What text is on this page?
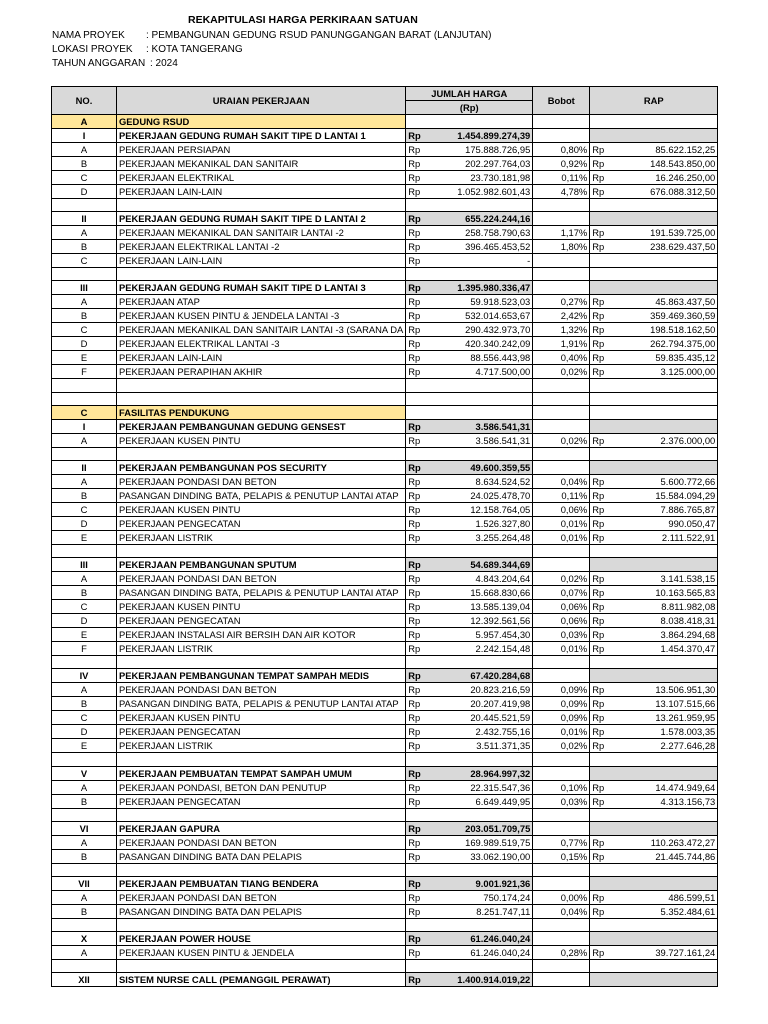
REKAPITULASI HARGA PERKIRAAN SATUAN
NAMA PROYEK : PEMBANGUNAN GEDUNG RSUD PANUNGGANGAN BARAT (LANJUTAN)
LOKASI PROYEK : KOTA TANGERANG
TAHUN ANGGARAN : 2024
NO.	URAIAN PEKERJAAN	JUMLAH HARGA		Bobot	RAP	
		(Rp)				
A	GEDUNG RSUD					
I	PEKERJAAN GEDUNG RUMAH SAKIT TIPE D LANTAI 1	Rp	1.454.899.274,39			
A	PEKERJAAN PERSIAPAN	Rp	175.888.726,95	0,80%	Rp	85.622.152,25
B	PEKERJAAN MEKANIKAL DAN SANITAIR	Rp	202.297.764,03	0,92%	Rp	148.543.850,00
C	PEKERJAAN ELEKTRIKAL	Rp	23.730.181,98	0,11%	Rp	16.246.250,00
D	PEKERJAAN LAIN-LAIN	Rp	1.052.982.601,43	4,78%	Rp	676.088.312,50

II	PEKERJAAN GEDUNG RUMAH SAKIT TIPE D LANTAI 2	Rp	655.224.244,16			
A	PEKERJAAN MEKANIKAL DAN SANITAIR LANTAI -2	Rp	258.758.790,63	1,17%	Rp	191.539.725,00
B	PEKERJAAN ELEKTRIKAL LANTAI -2	Rp	396.465.453,52	1,80%	Rp	238.629.437,50
C	PEKERJAAN LAIN-LAIN	Rp	-			

III	PEKERJAAN GEDUNG RUMAH SAKIT TIPE D LANTAI 3	Rp	1.395.980.336,47			
A	PEKERJAAN ATAP	Rp	59.918.523,03	0,27%	Rp	45.863.437,50
B	PEKERJAAN KUSEN PINTU & JENDELA LANTAI -3	Rp	532.014.653,67	2,42%	Rp	359.469.360,59
C	PEKERJAAN MEKANIKAL DAN SANITAIR LANTAI -3 (SARANA DA	Rp	290.432.973,70	1,32%	Rp	198.518.162,50
D	PEKERJAAN ELEKTRIKAL LANTAI -3	Rp	420.340.242,09	1,91%	Rp	262.794.375,00
E	PEKERJAAN LAIN-LAIN	Rp	88.556.443,98	0,40%	Rp	59.835.435,12
F	PEKERJAAN PERAPIHAN AKHIR	Rp	4.717.500,00	0,02%	Rp	3.125.000,00

C	FASILITAS PENDUKUNG					
I	PEKERJAAN PEMBANGUNAN GEDUNG GENSEST	Rp	3.586.541,31			
A	PEKERJAAN KUSEN PINTU	Rp	3.586.541,31	0,02%	Rp	2.376.000,00

II	PEKERJAAN PEMBANGUNAN POS SECURITY	Rp	49.600.359,55			
A	PEKERJAAN PONDASI DAN BETON	Rp	8.634.524,52	0,04%	Rp	5.600.772,66
B	PASANGAN DINDING BATA, PELAPIS & PENUTUP LANTAI ATAP	Rp	24.025.478,70	0,11%	Rp	15.584.094,29
C	PEKERJAAN KUSEN PINTU	Rp	12.158.764,05	0,06%	Rp	7.886.765,87
D	PEKERJAAN PENGECATAN	Rp	1.526.327,80	0,01%	Rp	990.050,47
E	PEKERJAAN LISTRIK	Rp	3.255.264,48	0,01%	Rp	2.111.522,91

III	PEKERJAAN PEMBANGUNAN SPUTUM	Rp	54.689.344,69			
A	PEKERJAAN PONDASI DAN BETON	Rp	4.843.204,64	0,02%	Rp	3.141.538,15
B	PASANGAN DINDING BATA, PELAPIS & PENUTUP LANTAI ATAP	Rp	15.668.830,66	0,07%	Rp	10.163.565,83
C	PEKERJAAN KUSEN PINTU	Rp	13.585.139,04	0,06%	Rp	8.811.982,08
D	PEKERJAAN PENGECATAN	Rp	12.392.561,56	0,06%	Rp	8.038.418,31
E	PEKERJAAN INSTALASI AIR BERSIH DAN AIR KOTOR	Rp	5.957.454,30	0,03%	Rp	3.864.294,68
F	PEKERJAAN LISTRIK	Rp	2.242.154,48	0,01%	Rp	1.454.370,47

IV	PEKERJAAN PEMBANGUNAN TEMPAT SAMPAH MEDIS	Rp	67.420.284,68			
A	PEKERJAAN PONDASI DAN BETON	Rp	20.823.216,59	0,09%	Rp	13.506.951,30
B	PASANGAN DINDING BATA, PELAPIS & PENUTUP LANTAI ATAP	Rp	20.207.419,98	0,09%	Rp	13.107.515,66
C	PEKERJAAN KUSEN PINTU	Rp	20.445.521,59	0,09%	Rp	13.261.959,95
D	PEKERJAAN PENGECATAN	Rp	2.432.755,16	0,01%	Rp	1.578.003,35
E	PEKERJAAN LISTRIK	Rp	3.511.371,35	0,02%	Rp	2.277.646,28

V	PEKERJAAN PEMBUATAN TEMPAT SAMPAH UMUM	Rp	28.964.997,32			
A	PEKERJAAN PONDASI, BETON DAN PENUTUP	Rp	22.315.547,36	0,10%	Rp	14.474.949,64
B	PEKERJAAN PENGECATAN	Rp	6.649.449,95	0,03%	Rp	4.313.156,73

VI	PEKERJAAN GAPURA	Rp	203.051.709,75			
A	PEKERJAAN PONDASI DAN BETON	Rp	169.989.519,75	0,77%	Rp	110.263.472,27
B	PASANGAN DINDING BATA DAN PELAPIS	Rp	33.062.190,00	0,15%	Rp	21.445.744,86

VII	PEKERJAAN PEMBUATAN TIANG BENDERA	Rp	9.001.921,36			
A	PEKERJAAN PONDASI DAN BETON	Rp	750.174,24	0,00%	Rp	486.599,51
B	PASANGAN DINDING BATA DAN PELAPIS	Rp	8.251.747,11	0,04%	Rp	5.352.484,61

X	PEKERJAAN POWER HOUSE	Rp	61.246.040,24			
A	PEKERJAAN KUSEN PINTU & JENDELA	Rp	61.246.040,24	0,28%	Rp	39.727.161,24

XII	SISTEM NURSE CALL (PEMANGGIL PERAWAT)	Rp	1.400.914.019,22			
